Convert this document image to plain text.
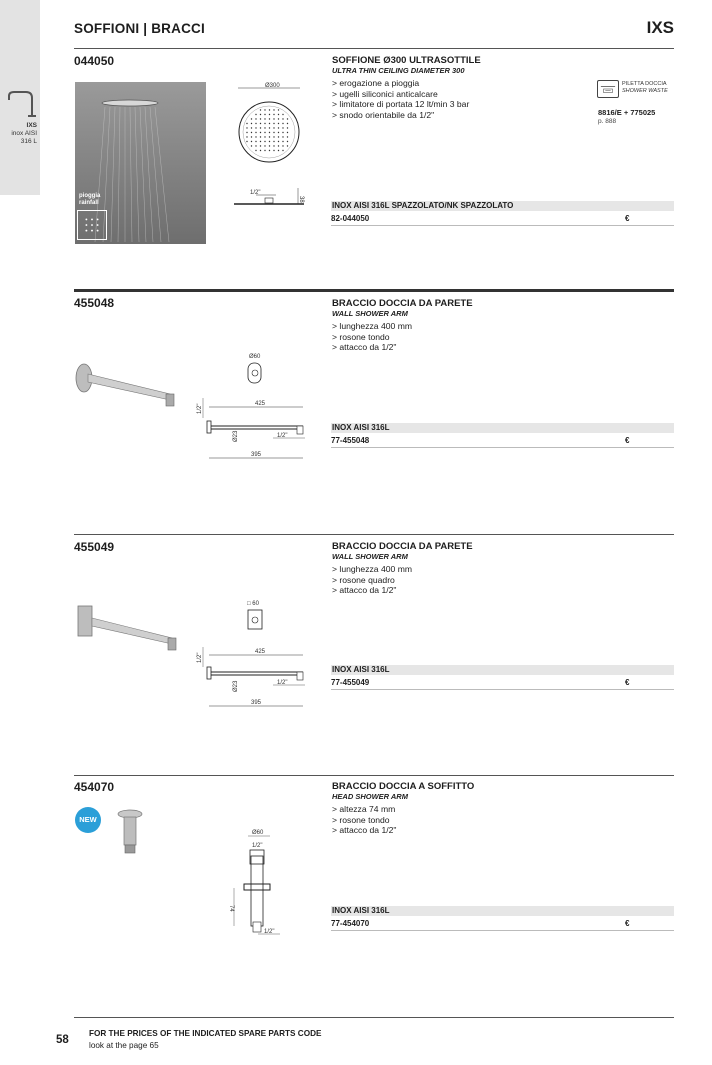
IXS
inox AISI
316 L
SOFFIONI | BRACCI	IXS
044050
pioggia
rainfall
Ø300
1/2"
38
SOFFIONE Ø300 ULTRASOTTILE
ULTRA THIN CEILING DIAMETER 300
> erogazione a pioggia
> ugelli siliconici anticalcare
> limitatore di portata 12 lt/min 3 bar
> snodo orientabile da 1/2"
PILETTA DOCCIA
SHOWER WASTE
8816/E + 775025
p. 888
INOX AISI 316L SPAZZOLATO/NK SPAZZOLATO
82-044050	€
455048
Ø60
425
1/2"
Ø23
1/2"
395
BRACCIO DOCCIA DA PARETE
WALL SHOWER ARM
> lunghezza 400 mm
> rosone tondo
> attacco da 1/2"
INOX AISI 316L
77-455048	€
455049
□ 60
425
1/2"
Ø23
1/2"
395
BRACCIO DOCCIA DA PARETE
WALL SHOWER ARM
> lunghezza 400 mm
> rosone quadro
> attacco da 1/2"
INOX AISI 316L
77-455049	€
454070
NEW
Ø60
1/2"
74
1/2"
BRACCIO DOCCIA A SOFFITTO
HEAD SHOWER ARM
> altezza 74 mm
> rosone tondo
> attacco da 1/2"
INOX AISI 316L
77-454070	€
58
FOR THE PRICES OF THE INDICATED SPARE PARTS CODE
look at the page 65
